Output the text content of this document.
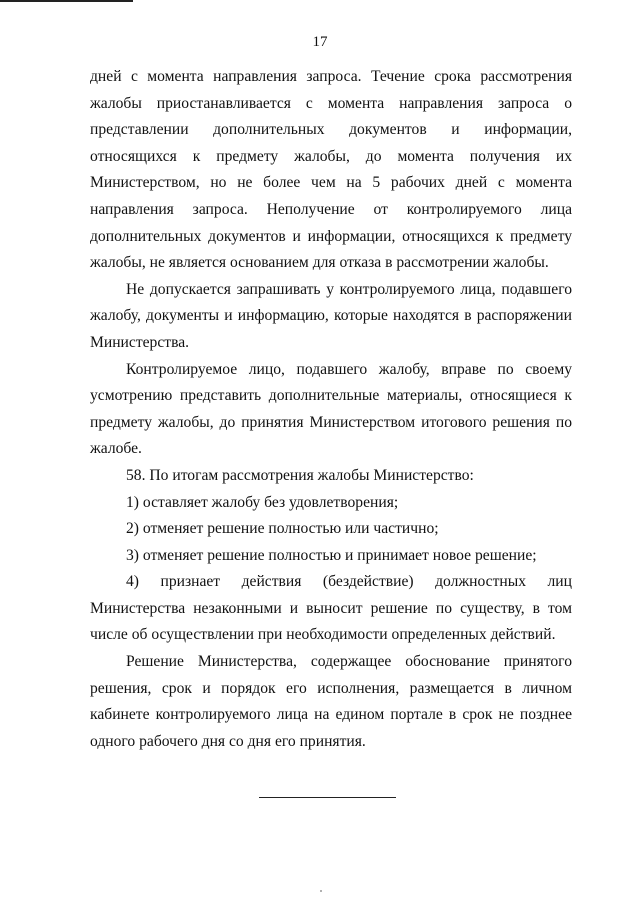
17

дней с момента направления запроса. Течение срока рассмотрения жалобы приостанавливается с момента направления запроса о представлении дополнительных документов и информации, относящихся к предмету жалобы, до момента получения их Министерством, но не более чем на 5 рабочих дней с момента направления запроса. Неполучение от контролируемого лица дополнительных документов и информации, относящихся к предмету жалобы, не является основанием для отказа в рассмотрении жалобы.

Не допускается запрашивать у контролируемого лица, подавшего жалобу, документы и информацию, которые находятся в распоряжении Министерства.

Контролируемое лицо, подавшего жалобу, вправе по своему усмотрению представить дополнительные материалы, относящиеся к предмету жалобы, до принятия Министерством итогового решения по жалобе.

58. По итогам рассмотрения жалобы Министерство:

1) оставляет жалобу без удовлетворения;

2) отменяет решение полностью или частично;

3) отменяет решение полностью и принимает новое решение;

4) признает действия (бездействие) должностных лиц Министерства незаконными и выносит решение по существу, в том числе об осуществлении при необходимости определенных действий.

Решение Министерства, содержащее обоснование принятого решения, срок и порядок его исполнения, размещается в личном кабинете контролируемого лица на едином портале в срок не позднее одного рабочего дня со дня его принятия.
